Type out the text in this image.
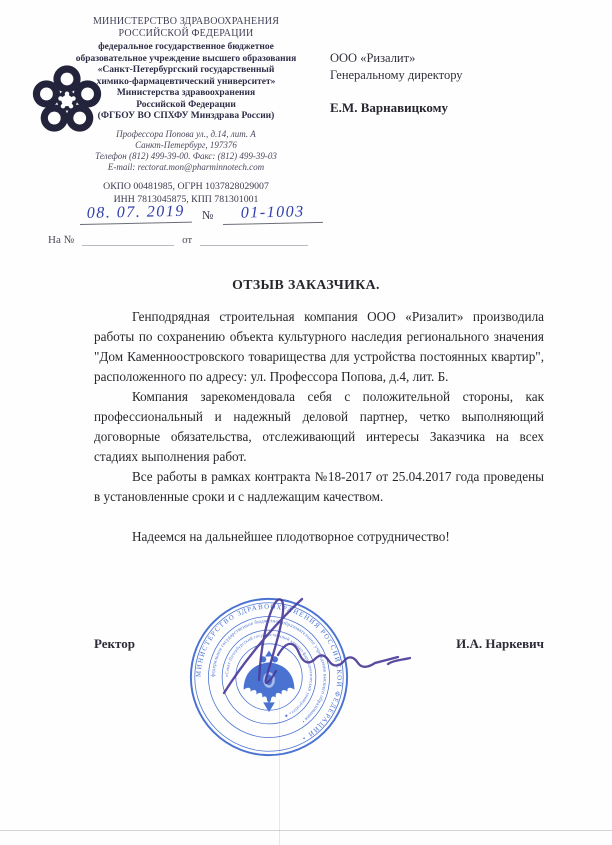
МИНИСТЕРСТВО ЗДРАВООХРАНЕНИЯ
РОССИЙСКОЙ ФЕДЕРАЦИИ
федеральное государственное бюджетное
образовательное учреждение высшего образования
«Санкт-Петербургский государственный
химико-фармацевтический университет»
Министерства здравоохранения
Российской Федерации
(ФГБОУ ВО СПХФУ Минздрава России)
Профессора Попова ул., д.14, лит. А
Санкт-Петербург, 197376
Телефон (812) 499-39-00. Факс: (812) 499-39-03
E-mail: rectorat.mon@pharminnotech.com
ОКПО 00481985, ОГРН 1037828029007
ИНН 7813045875, КПП 781301001
08. 07. 2019	№	01-1003
На №	от
ООО «Ризалит»
Генеральному директору
Е.М. Варнавицкому
ОТЗЫВ ЗАКАЗЧИКА.

Генподрядная строительная компания ООО «Ризалит» производила работы по сохранению объекта культурного наследия регионального значения "Дом Каменноостровского товарищества для устройства постоянных квартир", расположенного по адресу: ул. Профессора Попова, д.4, лит. Б.

Компания зарекомендовала себя с положительной стороны, как профессиональный и надежный деловой партнер, четко выполняющий договорные обязательства, отслеживающий интересы Заказчика на всех стадиях выполнения работ.

Все работы в рамках контракта №18-2017 от 25.04.2017 года проведены в установленные сроки и с надлежащим качеством.

Надеемся на дальнейшее плодотворное сотрудничество!

Ректор	И.А. Наркевич
МИНИСТЕРСТВО ЗДРАВООХРАНЕНИЯ РОССИЙСКОЙ ФЕДЕРАЦИИ •
федеральное государственное бюджетное образовательное учреждение высшего образования •
«Санкт-Петербургский государственный химико-фармацевтический университет» ★
